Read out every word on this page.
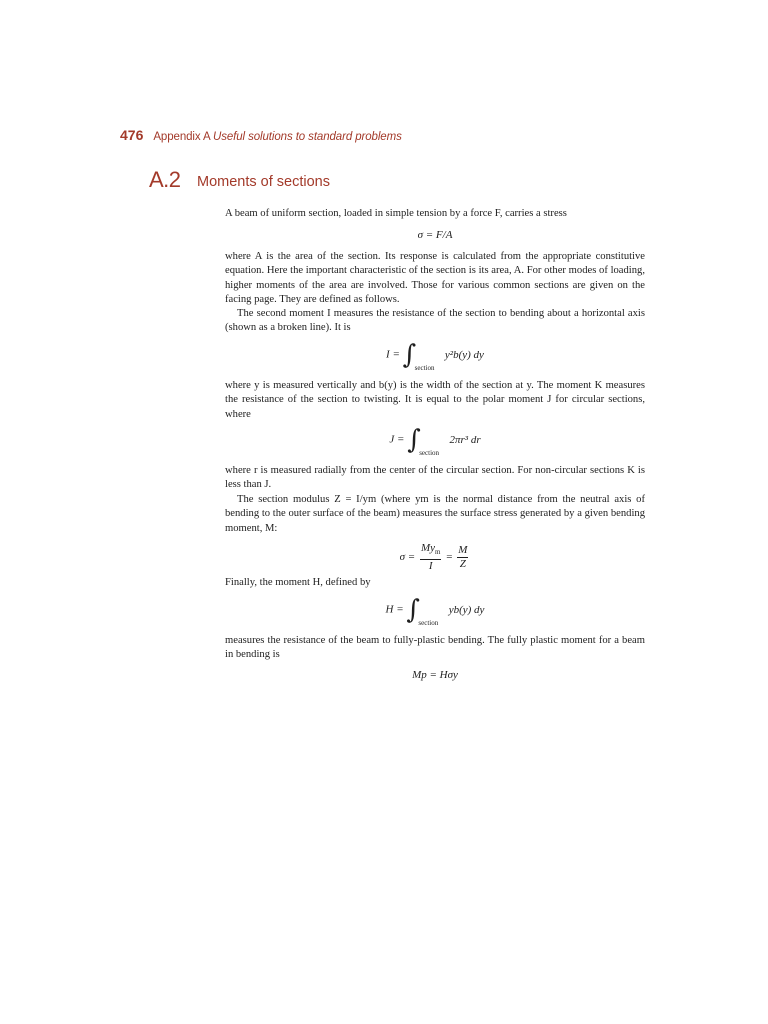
476 Appendix A Useful solutions to standard problems
A.2 Moments of sections
A beam of uniform section, loaded in simple tension by a force F, carries a stress
σ = F/A
where A is the area of the section. Its response is calculated from the appropriate constitutive equation. Here the important characteristic of the section is its area, A. For other modes of loading, higher moments of the area are involved. Those for various common sections are given on the facing page. They are defined as follows.
The second moment I measures the resistance of the section to bending about a horizontal axis (shown as a broken line). It is
I = ∫
section
y²b(y) dy
where y is measured vertically and b(y) is the width of the section at y. The moment K measures the resistance of the section to twisting. It is equal to the polar moment J for circular sections, where
J = ∫
section
2πr³ dr
where r is measured radially from the center of the circular section. For non-circular sections K is less than J.
The section modulus Z = I/ym (where ym is the normal distance from the neutral axis of bending to the outer surface of the beam) measures the surface stress generated by a given bending moment, M:
$\sigma = \frac{My_m}{I} = \frac{M}{Z}$
Finally, the moment H, defined by
H = ∫
section
yb(y) dy
measures the resistance of the beam to fully-plastic bending. The fully plastic moment for a beam in bending is
Mp = Hσy
